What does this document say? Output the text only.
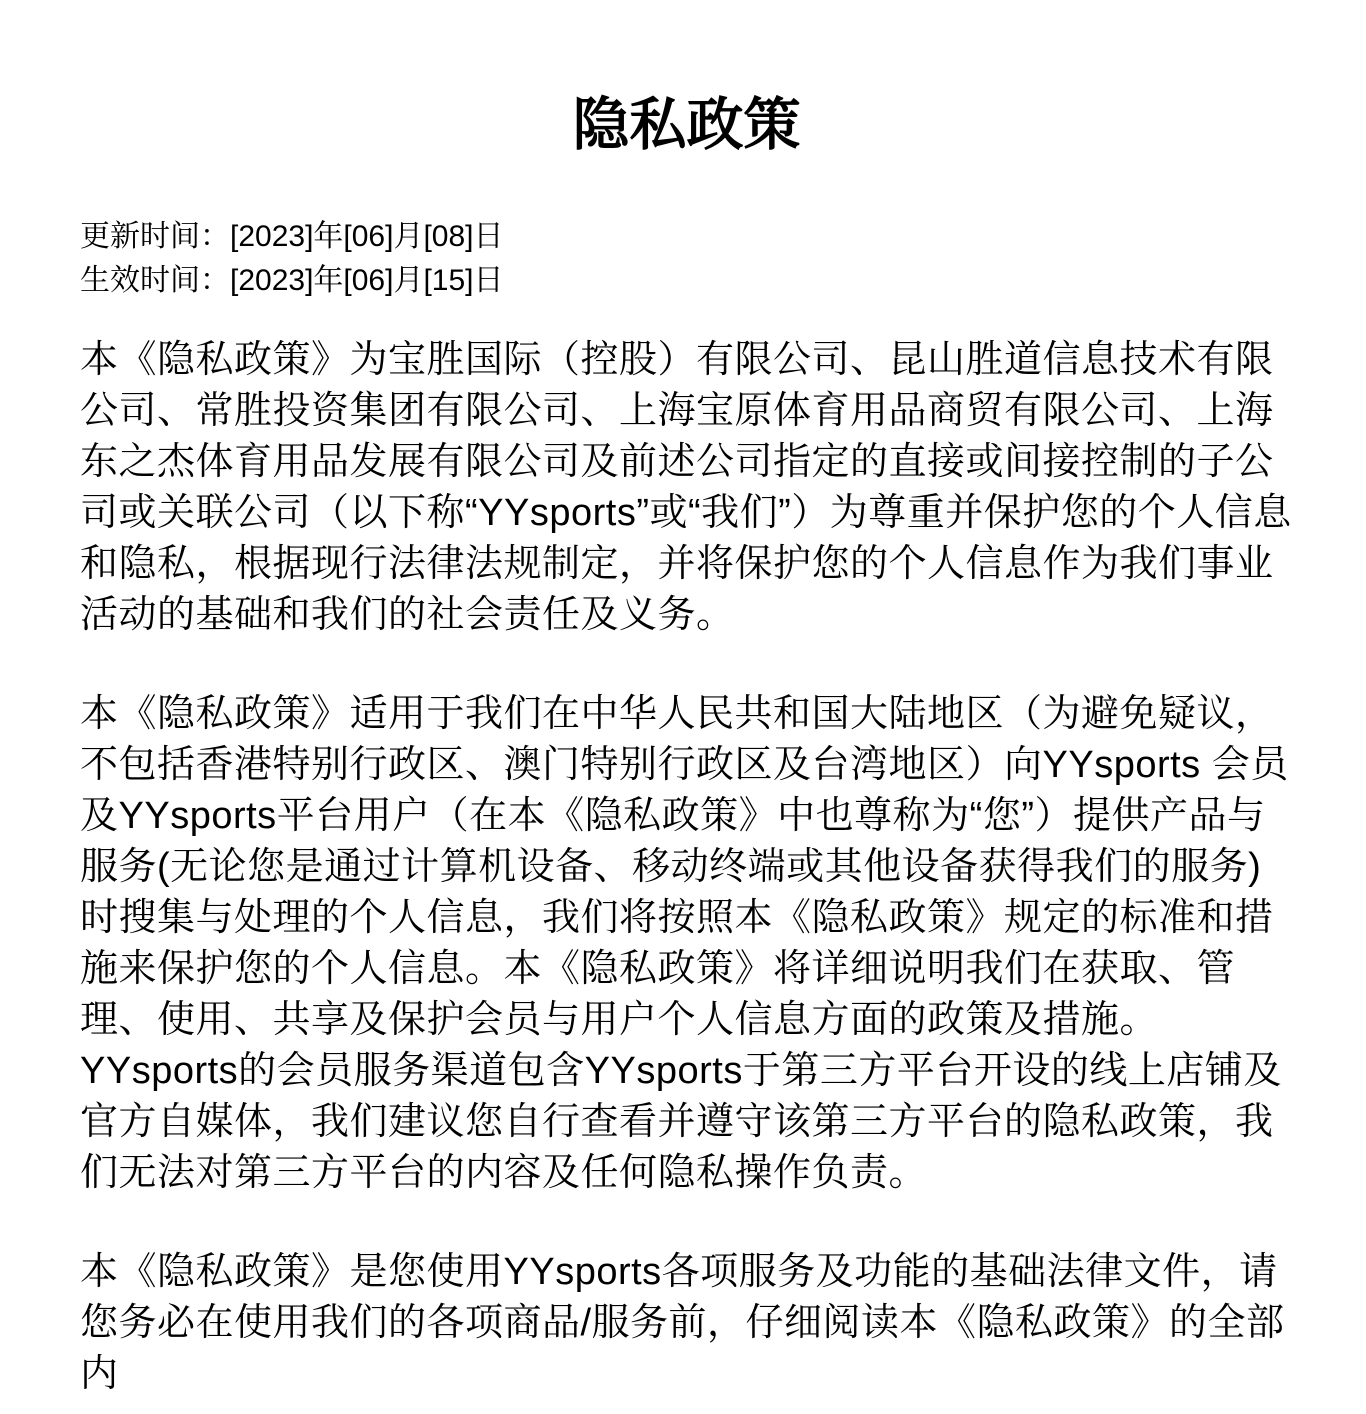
隐私政策
更新时间：[2023]年[06]月[08]日
生效时间：[2023]年[06]月[15]日

本《隐私政策》为宝胜国际（控股）有限公司、昆山胜道信息技术有限公司、常胜投资集团有限公司、上海宝原体育用品商贸有限公司、上海东之杰体育用品发展有限公司及前述公司指定的直接或间接控制的子公司或关联公司（以下称“YYsports”或“我们”）为尊重并保护您的个人信息和隐私，根据现行法律法规制定，并将保护您的个人信息作为我们事业活动的基础和我们的社会责任及义务。

本《隐私政策》适用于我们在中华人民共和国大陆地区（为避免疑议，不包括香港特别行政区、澳门特别行政区及台湾地区）向YYsports 会员及YYsports平台用户（在本《隐私政策》中也尊称为“您”）提供产品与服务(无论您是通过计算机设备、移动终端或其他设备获得我们的服务)时搜集与处理的个人信息，我们将按照本《隐私政策》规定的标准和措施来保护您的个人信息。本《隐私政策》将详细说明我们在获取、管理、使用、共享及保护会员与用户个人信息方面的政策及措施。YYsports的会员服务渠道包含YYsports于第三方平台开设的线上店铺及官方自媒体，我们建议您自行查看并遵守该第三方平台的隐私政策，我们无法对第三方平台的内容及任何隐私操作负责。

本《隐私政策》是您使用YYsports各项服务及功能的基础法律文件，请您务必在使用我们的各项商品/服务前，仔细阅读本《隐私政策》的全部内
